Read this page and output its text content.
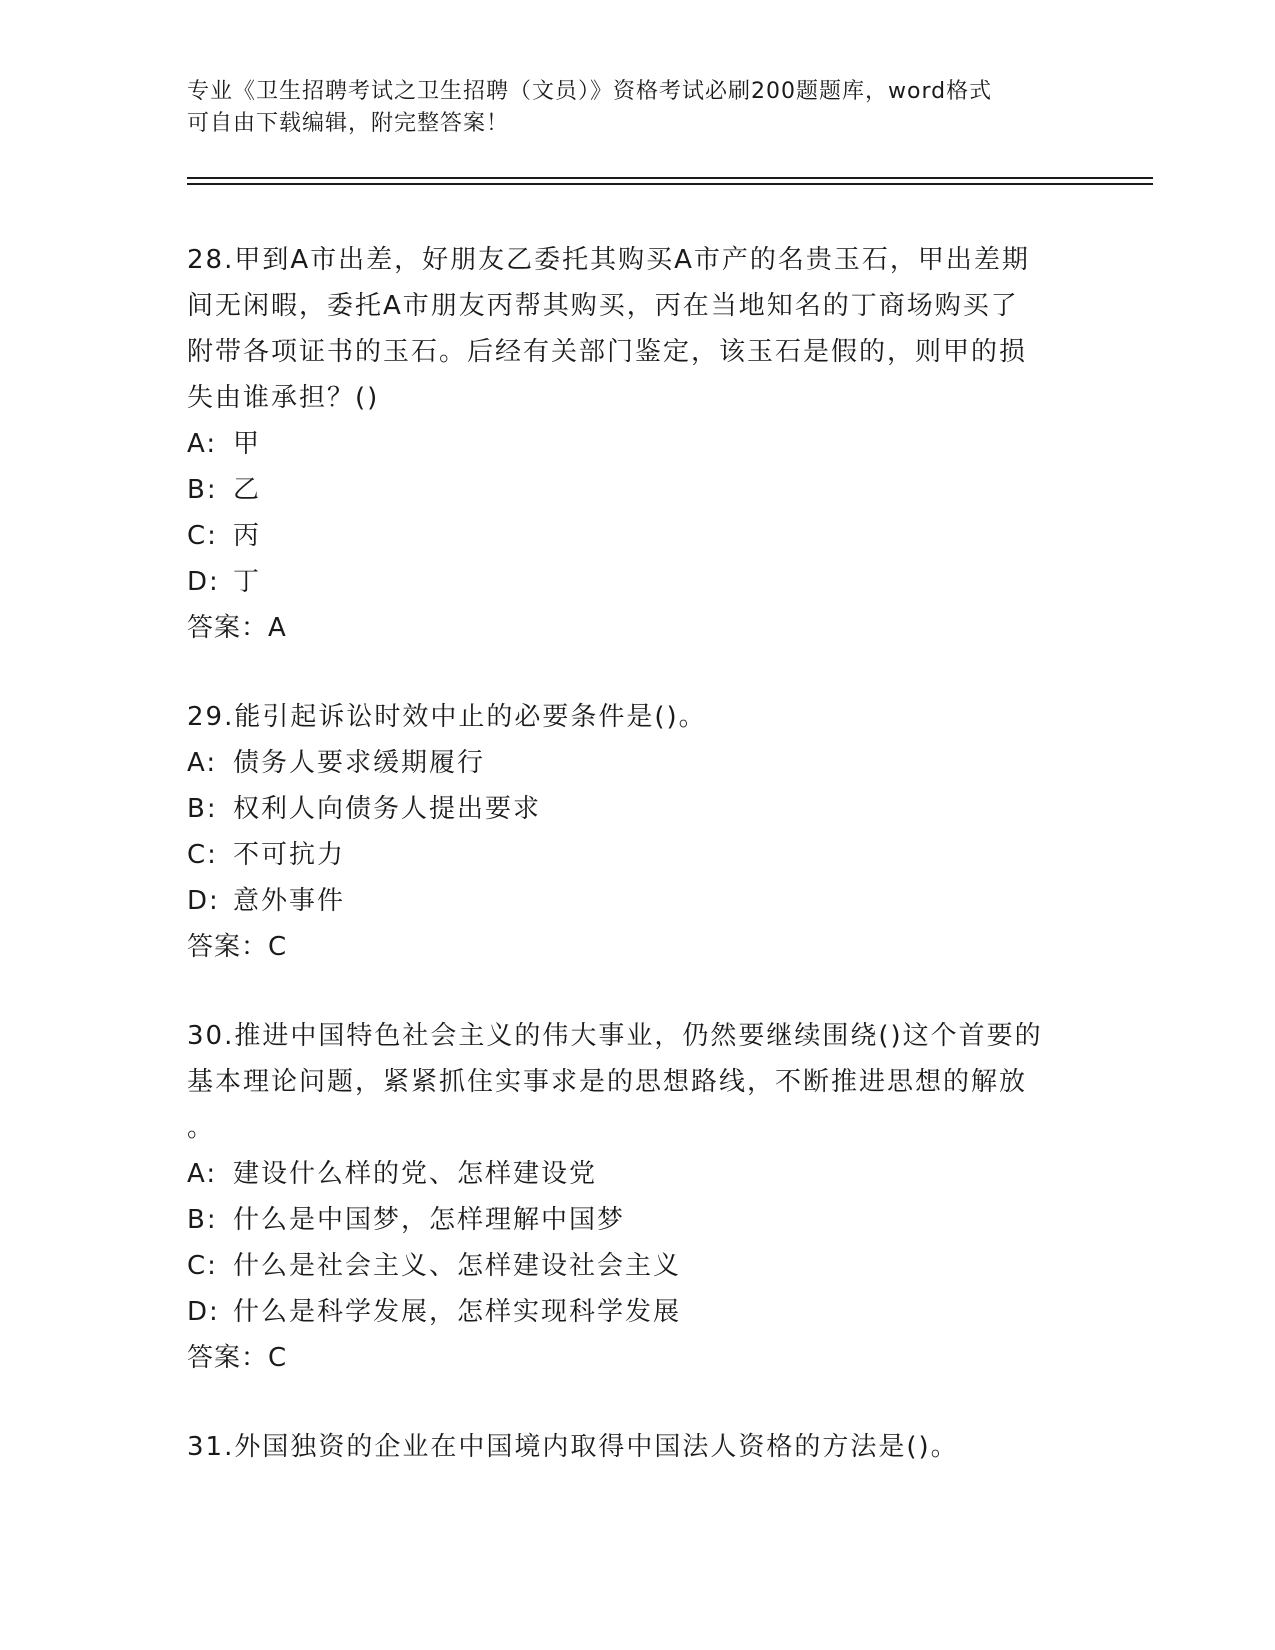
专业《卫生招聘考试之卫生招聘（文员）》资格考试必刷200题题库，word格式
可自由下载编辑，附完整答案！
28.甲到A市出差，好朋友乙委托其购买A市产的名贵玉石，甲出差期
间无闲暇，委托A市朋友丙帮其购买，丙在当地知名的丁商场购买了
附带各项证书的玉石。后经有关部门鉴定，该玉石是假的，则甲的损
失由谁承担？()
A: 甲
B: 乙
C: 丙
D: 丁
答案：A
29.能引起诉讼时效中止的必要条件是()。
A: 债务人要求缓期履行
B: 权利人向债务人提出要求
C: 不可抗力
D: 意外事件
答案：C
30.推进中国特色社会主义的伟大事业，仍然要继续围绕()这个首要的
基本理论问题，紧紧抓住实事求是的思想路线，不断推进思想的解放
。
A: 建设什么样的党、怎样建设党
B: 什么是中国梦，怎样理解中国梦
C: 什么是社会主义、怎样建设社会主义
D: 什么是科学发展，怎样实现科学发展
答案：C
31.外国独资的企业在中国境内取得中国法人资格的方法是()。
